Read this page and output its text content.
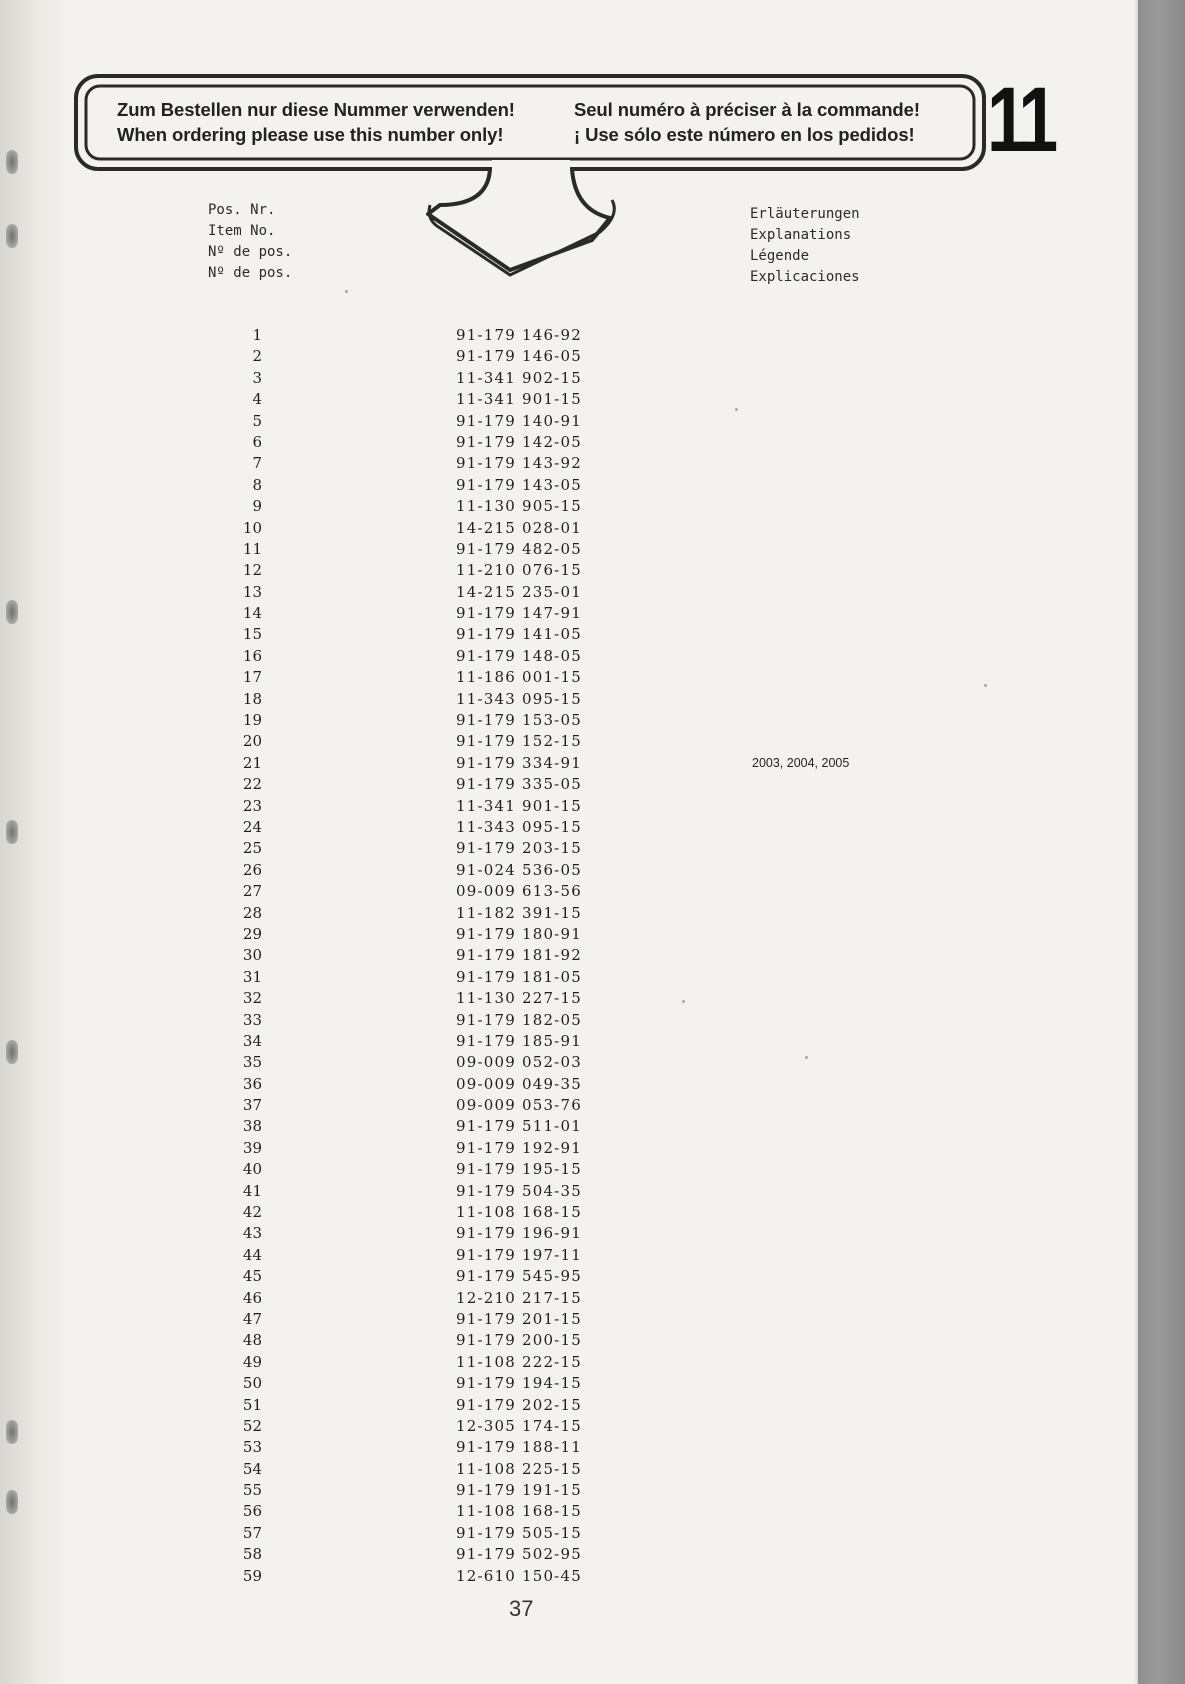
Zum Bestellen nur diese Nummer verwenden!
When ordering please use this number only!
Seul numéro à préciser à la commande!
¡ Use sólo este número en los pedidos! 11
Pos. Nr.
Item No.
Nº de pos.
Nº de pos.
Erläuterungen
Explanations
Légende
Explicaciones
1	91-179 146-92
2	91-179 146-05
3	11-341 902-15
4	11-341 901-15
5	91-179 140-91
6	91-179 142-05
7	91-179 143-92
8	91-179 143-05
9	11-130 905-15
10	14-215 028-01
11	91-179 482-05
12	11-210 076-15
13	14-215 235-01
14	91-179 147-91
15	91-179 141-05
16	91-179 148-05
17	11-186 001-15
18	11-343 095-15
19	91-179 153-05
20	91-179 152-15
21	91-179 334-91	2003, 2004, 2005
22	91-179 335-05
23	11-341 901-15
24	11-343 095-15
25	91-179 203-15
26	91-024 536-05
27	09-009 613-56
28	11-182 391-15
29	91-179 180-91
30	91-179 181-92
31	91-179 181-05
32	11-130 227-15
33	91-179 182-05
34	91-179 185-91
35	09-009 052-03
36	09-009 049-35
37	09-009 053-76
38	91-179 511-01
39	91-179 192-91
40	91-179 195-15
41	91-179 504-35
42	11-108 168-15
43	91-179 196-91
44	91-179 197-11
45	91-179 545-95
46	12-210 217-15
47	91-179 201-15
48	91-179 200-15
49	11-108 222-15
50	91-179 194-15
51	91-179 202-15
52	12-305 174-15
53	91-179 188-11
54	11-108 225-15
55	91-179 191-15
56	11-108 168-15
57	91-179 505-15
58	91-179 502-95
59	12-610 150-45
37
